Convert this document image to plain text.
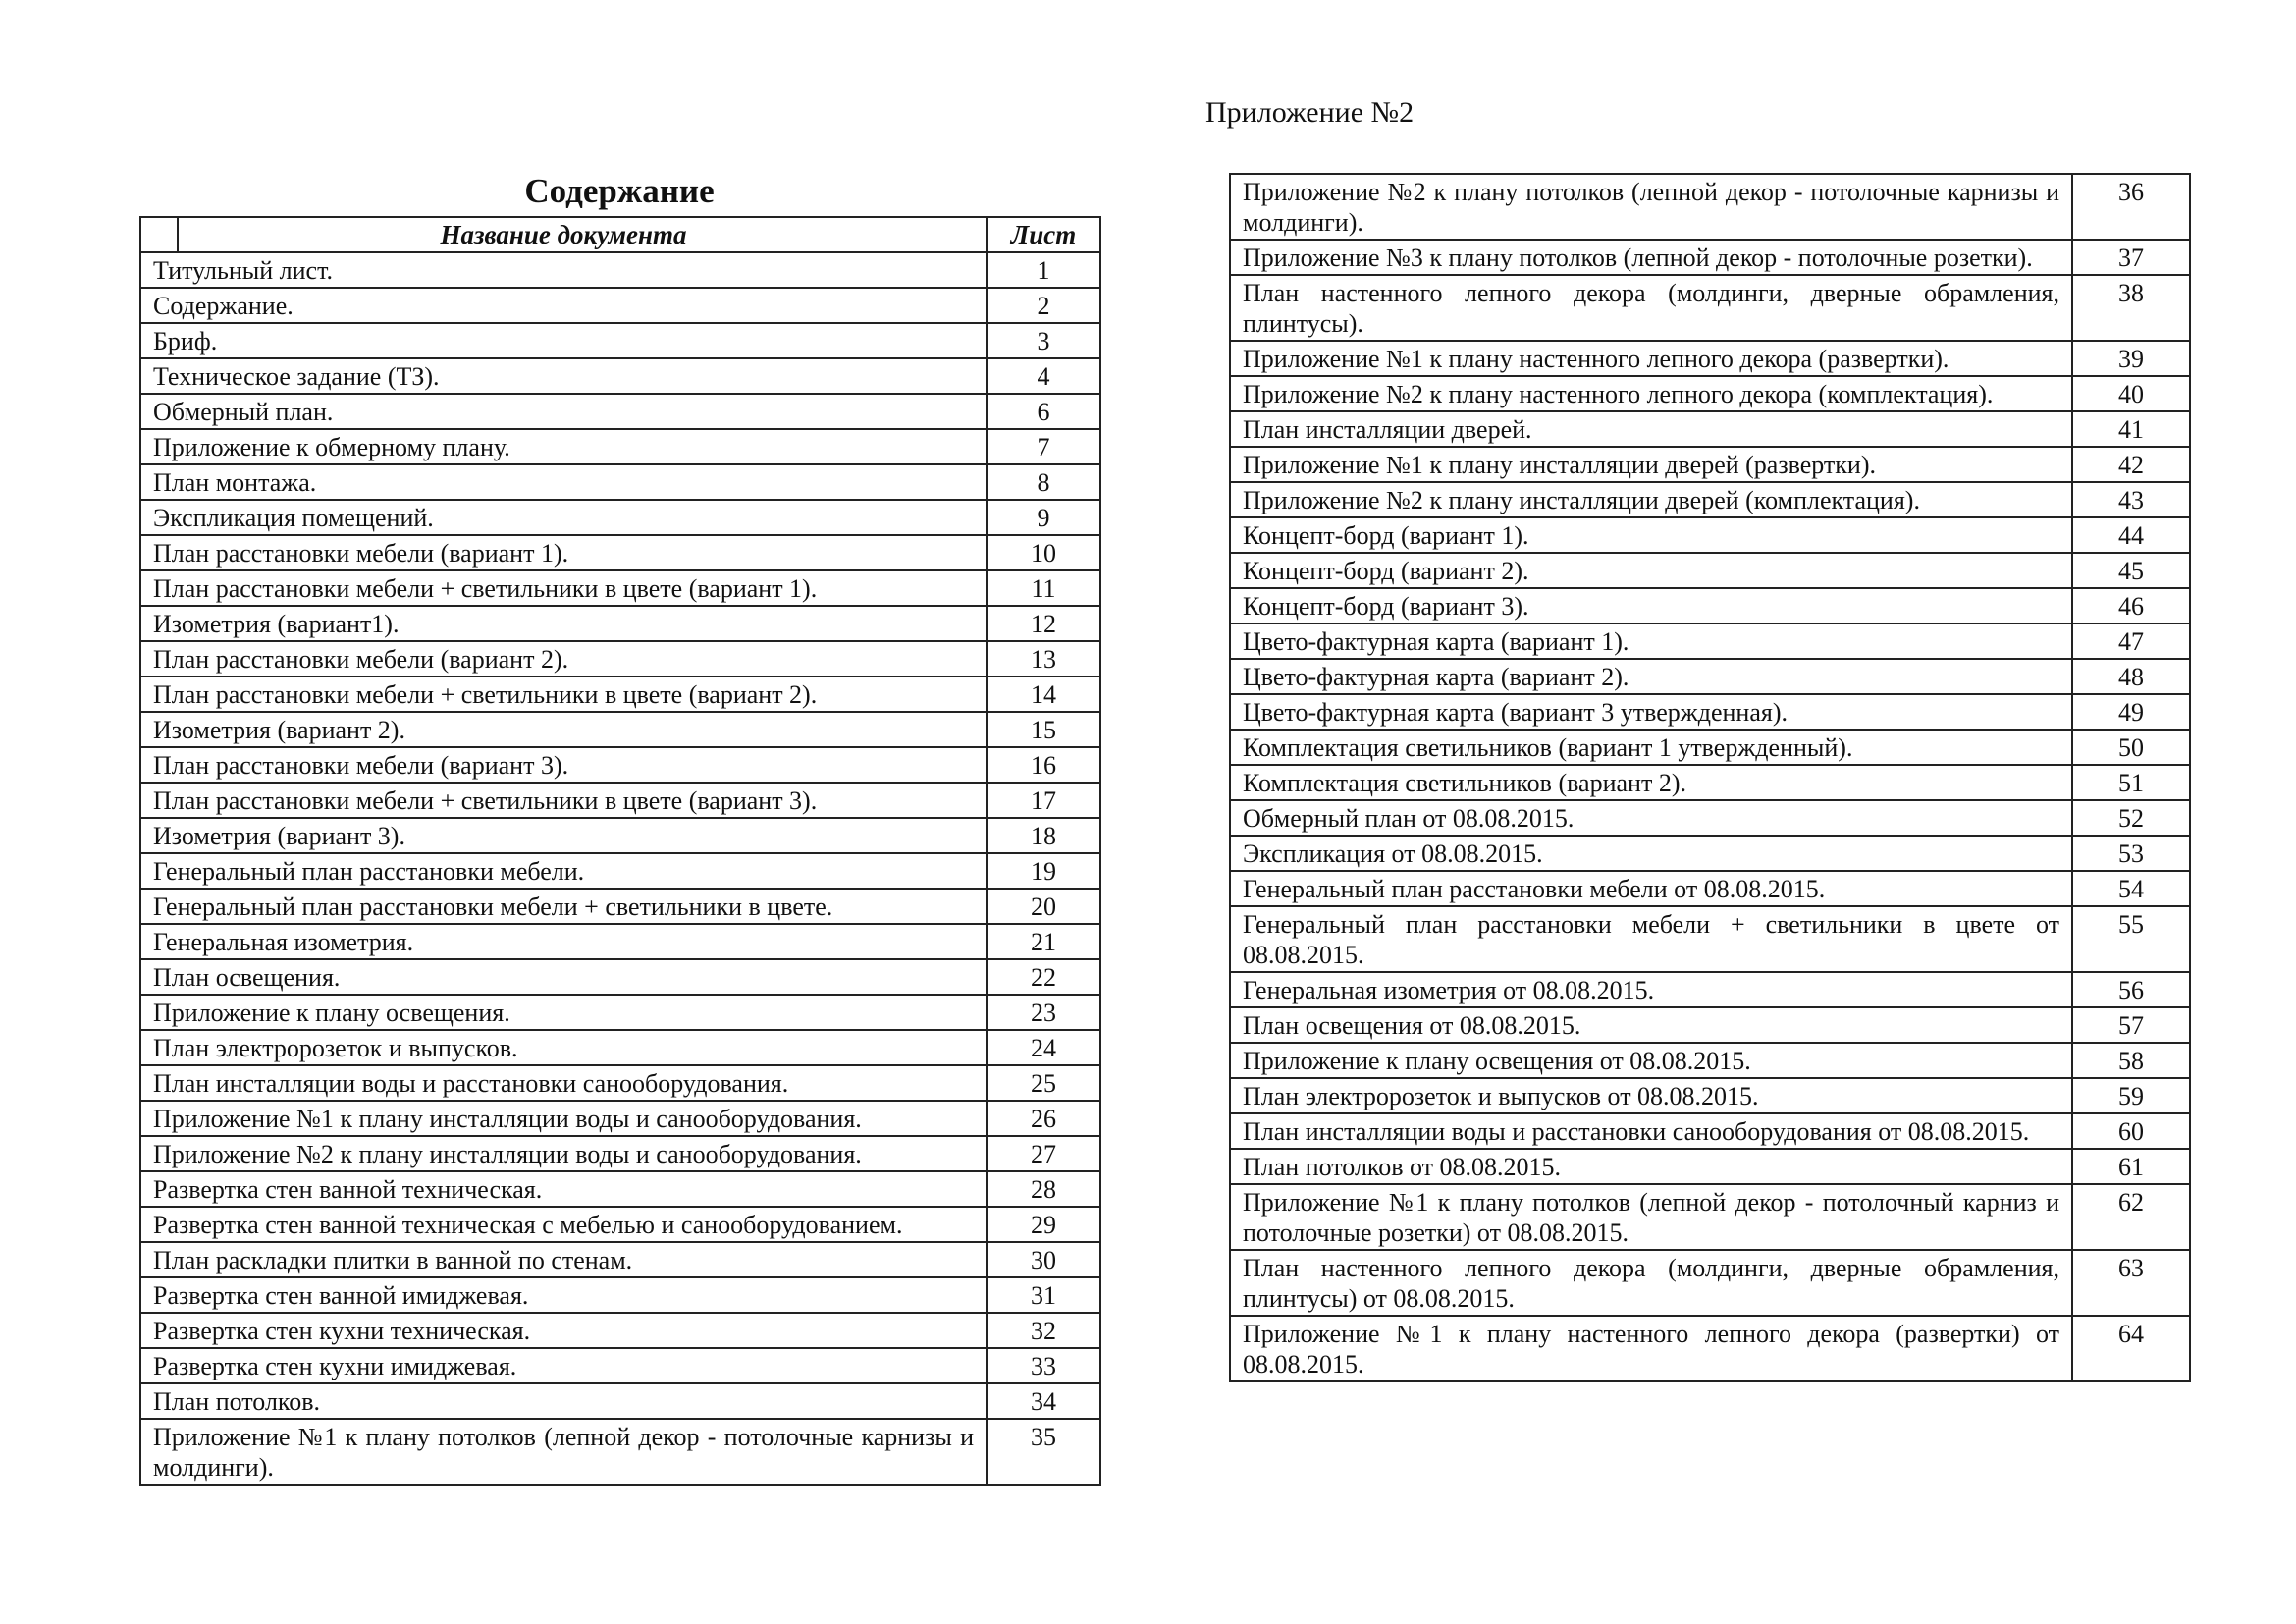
Содержание
Приложение №2
Название документа	Лист
Титульный лист.	1
Содержание.	2
Бриф.	3
Техническое задание (ТЗ).	4
Обмерный план.	6
Приложение к обмерному плану.	7
План монтажа.	8
Экспликация помещений.	9
План расстановки мебели (вариант 1).	10
План расстановки мебели + светильники в цвете (вариант 1).	11
Изометрия (вариант1).	12
План расстановки мебели (вариант 2).	13
План расстановки мебели + светильники в цвете (вариант 2).	14
Изометрия (вариант 2).	15
План расстановки мебели (вариант 3).	16
План расстановки мебели + светильники в цвете (вариант 3).	17
Изометрия (вариант 3).	18
Генеральный план расстановки мебели.	19
Генеральный план расстановки мебели + светильники в цвете.	20
Генеральная изометрия.	21
План освещения.	22
Приложение к плану освещения.	23
План электророзеток и выпусков.	24
План инсталляции воды и расстановки санооборудования.	25
Приложение №1 к плану инсталляции воды и санооборудования.	26
Приложение №2 к плану инсталляции воды и санооборудования.	27
Развертка стен ванной техническая.	28
Развертка стен ванной техническая с мебелью и санооборудованием.	29
План раскладки плитки в ванной по стенам.	30
Развертка стен ванной имиджевая.	31
Развертка стен кухни техническая.	32
Развертка стен кухни имиджевая.	33
План потолков.	34
Приложение №1 к плану потолков (лепной декор - потолочные карнизы и молдинги).	35
Приложение №2 к плану потолков (лепной декор - потолочные карнизы и молдинги).	36
Приложение №3 к плану потолков (лепной декор - потолочные розетки).	37
План настенного лепного декора (молдинги, дверные обрамления, плинтусы).	38
Приложение №1 к плану настенного лепного декора (развертки).	39
Приложение №2 к плану настенного лепного декора (комплектация).	40
План инсталляции дверей.	41
Приложение №1 к плану инсталляции дверей (развертки).	42
Приложение №2 к плану инсталляции дверей (комплектация).	43
Концепт-борд (вариант 1).	44
Концепт-борд (вариант 2).	45
Концепт-борд (вариант 3).	46
Цвето-фактурная карта (вариант 1).	47
Цвето-фактурная карта (вариант 2).	48
Цвето-фактурная карта (вариант 3 утвержденная).	49
Комплектация светильников (вариант 1 утвержденный).	50
Комплектация светильников (вариант 2).	51
Обмерный план от 08.08.2015.	52
Экспликация от 08.08.2015.	53
Генеральный план расстановки мебели от 08.08.2015.	54
Генеральный план расстановки мебели + светильники в цвете от 08.08.2015.	55
Генеральная изометрия от 08.08.2015.	56
План освещения от 08.08.2015.	57
Приложение к плану освещения от 08.08.2015.	58
План электророзеток и выпусков от 08.08.2015.	59
План инсталляции воды и расстановки санооборудования от 08.08.2015.	60
План потолков от 08.08.2015.	61
Приложение №1 к плану потолков (лепной декор - потолочный карниз и потолочные розетки) от 08.08.2015.	62
План настенного лепного декора (молдинги, дверные обрамления, плинтусы) от 08.08.2015.	63
Приложение №1 к плану настенного лепного декора (развертки) от 08.08.2015.	64
